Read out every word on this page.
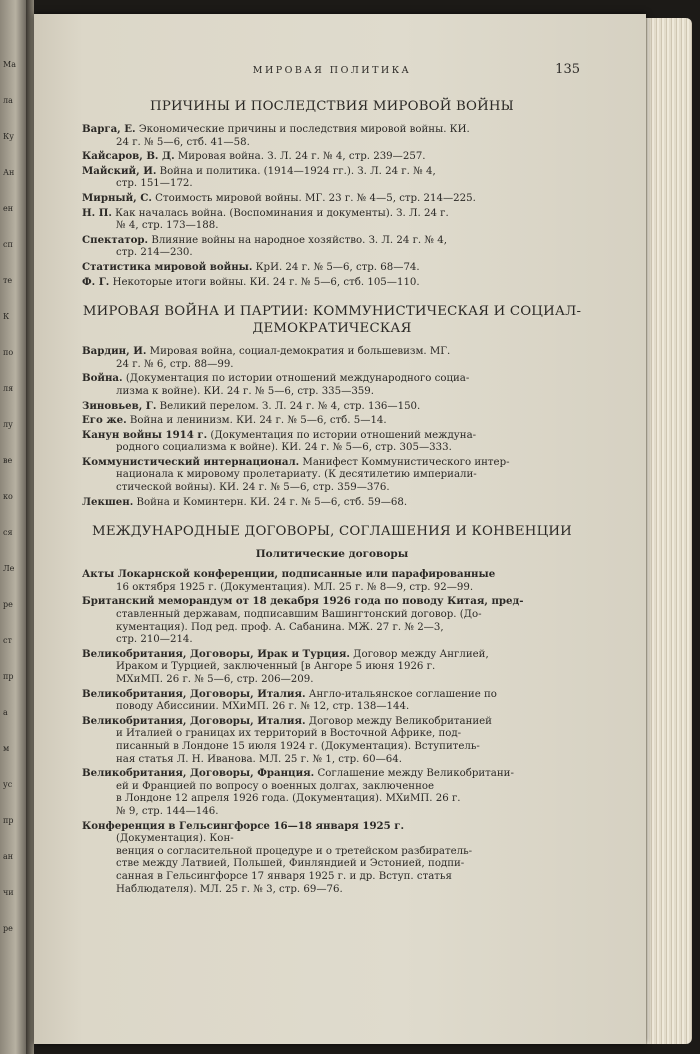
Ма
ла
Ку
Ан
ен
сп
те
К
по
ля
лу
ве
ко
ся
Ле
ре
ст
пр
а
м
ус
пр
ан
чи
ре
МИРОВАЯ ПОЛИТИКА	135
ПРИЧИНЫ И ПОСЛЕДСТВИЯ МИРОВОЙ ВОЙНЫ
Варга, Е. Экономические причины и последствия мировой войны. КИ.
24 г. № 5—6, стб. 41—58.
Кайсаров, В. Д. Мировая война. З. Л. 24 г. № 4, стр. 239—257.
Майский, И. Война и политика. (1914—1924 гг.). З. Л. 24 г. № 4,
стр. 151—172.
Мирный, С. Стоимость мировой войны. МГ. 23 г. № 4—5, стр. 214—225.
Н. П. Как началась война. (Воспоминания и документы). З. Л. 24 г.
№ 4, стр. 173—188.
Спектатор. Влияние войны на народное хозяйство. З. Л. 24 г. № 4,
стр. 214—230.
Статистика мировой войны. КрИ. 24 г. № 5—6, стр. 68—74.
Ф. Г. Некоторые итоги войны. КИ. 24 г. № 5—6, стб. 105—110.
МИРОВАЯ ВОЙНА И ПАРТИИ: КОММУНИСТИЧЕСКАЯ И СОЦИАЛ-
ДЕМОКРАТИЧЕСКАЯ
Вардин, И. Мировая война, социал-демократия и большевизм. МГ.
24 г. № 6, стр. 88—99.
Война. (Документация по истории отношений международного социа-
лизма к войне). КИ. 24 г. № 5—6, стр. 335—359.
Зиновьев, Г. Великий перелом. З. Л. 24 г. № 4, стр. 136—150.
Его же. Война и ленинизм. КИ. 24 г. № 5—6, стб. 5—14.
Канун войны 1914 г. (Документация по истории отношений междуна-
родного социализма к войне). КИ. 24 г. № 5—6, стр. 305—333.
Коммунистический интернационал. Манифест Коммунистического интер-
национала к мировому пролетариату. (К десятилетию империали-
стической войны). КИ. 24 г. № 5—6, стр. 359—376.
Лекшен. Война и Коминтерн. КИ. 24 г. № 5—6, стб. 59—68.
МЕЖДУНАРОДНЫЕ ДОГОВОРЫ, СОГЛАШЕНИЯ И КОНВЕНЦИИ
Политические договоры
Акты Локарнской конференции, подписанные или парафированные
16 октября 1925 г. (Документация). МЛ. 25 г. № 8—9, стр. 92—99.
Британский меморандум от 18 декабря 1926 года по поводу Китая, пред-
ставленный державам, подписавшим Вашингтонский договор. (До-
кументация). Под ред. проф. А. Сабанина. МЖ. 27 г. № 2—3,
стр. 210—214.
Великобритания, Договоры, Ирак и Турция. Договор между Англией,
Ираком и Турцией, заключенный [в Ангоре 5 июня 1926 г.
МХиМП. 26 г. № 5—6, стр. 206—209.
Великобритания, Договоры, Италия. Англо-итальянское соглашение по
поводу Абиссинии. МХиМП. 26 г. № 12, стр. 138—144.
Великобритания, Договоры, Италия. Договор между Великобританией
и Италией о границах их территорий в Восточной Африке, под-
писанный в Лондоне 15 июля 1924 г. (Документация). Вступитель-
ная статья Л. Н. Иванова. МЛ. 25 г. № 1, стр. 60—64.
Великобритания, Договоры, Франция. Соглашение между Великобритани-
ей и Францией по вопросу о военных долгах, заключенное
в Лондоне 12 апреля 1926 года. (Документация). МХиМП. 26 г.
№ 9, стр. 144—146.
Конференция в Гельсингфорсе 16—18 января 1925 г.
(Документация). Кон-
венция о согласительной процедуре и о третейском разбиратель-
стве между Латвией, Польшей, Финляндией и Эстонией, подпи-
санная в Гельсингфорсе 17 января 1925 г. и др. Вступ. статья
Наблюдателя). МЛ. 25 г. № 3, стр. 69—76.
